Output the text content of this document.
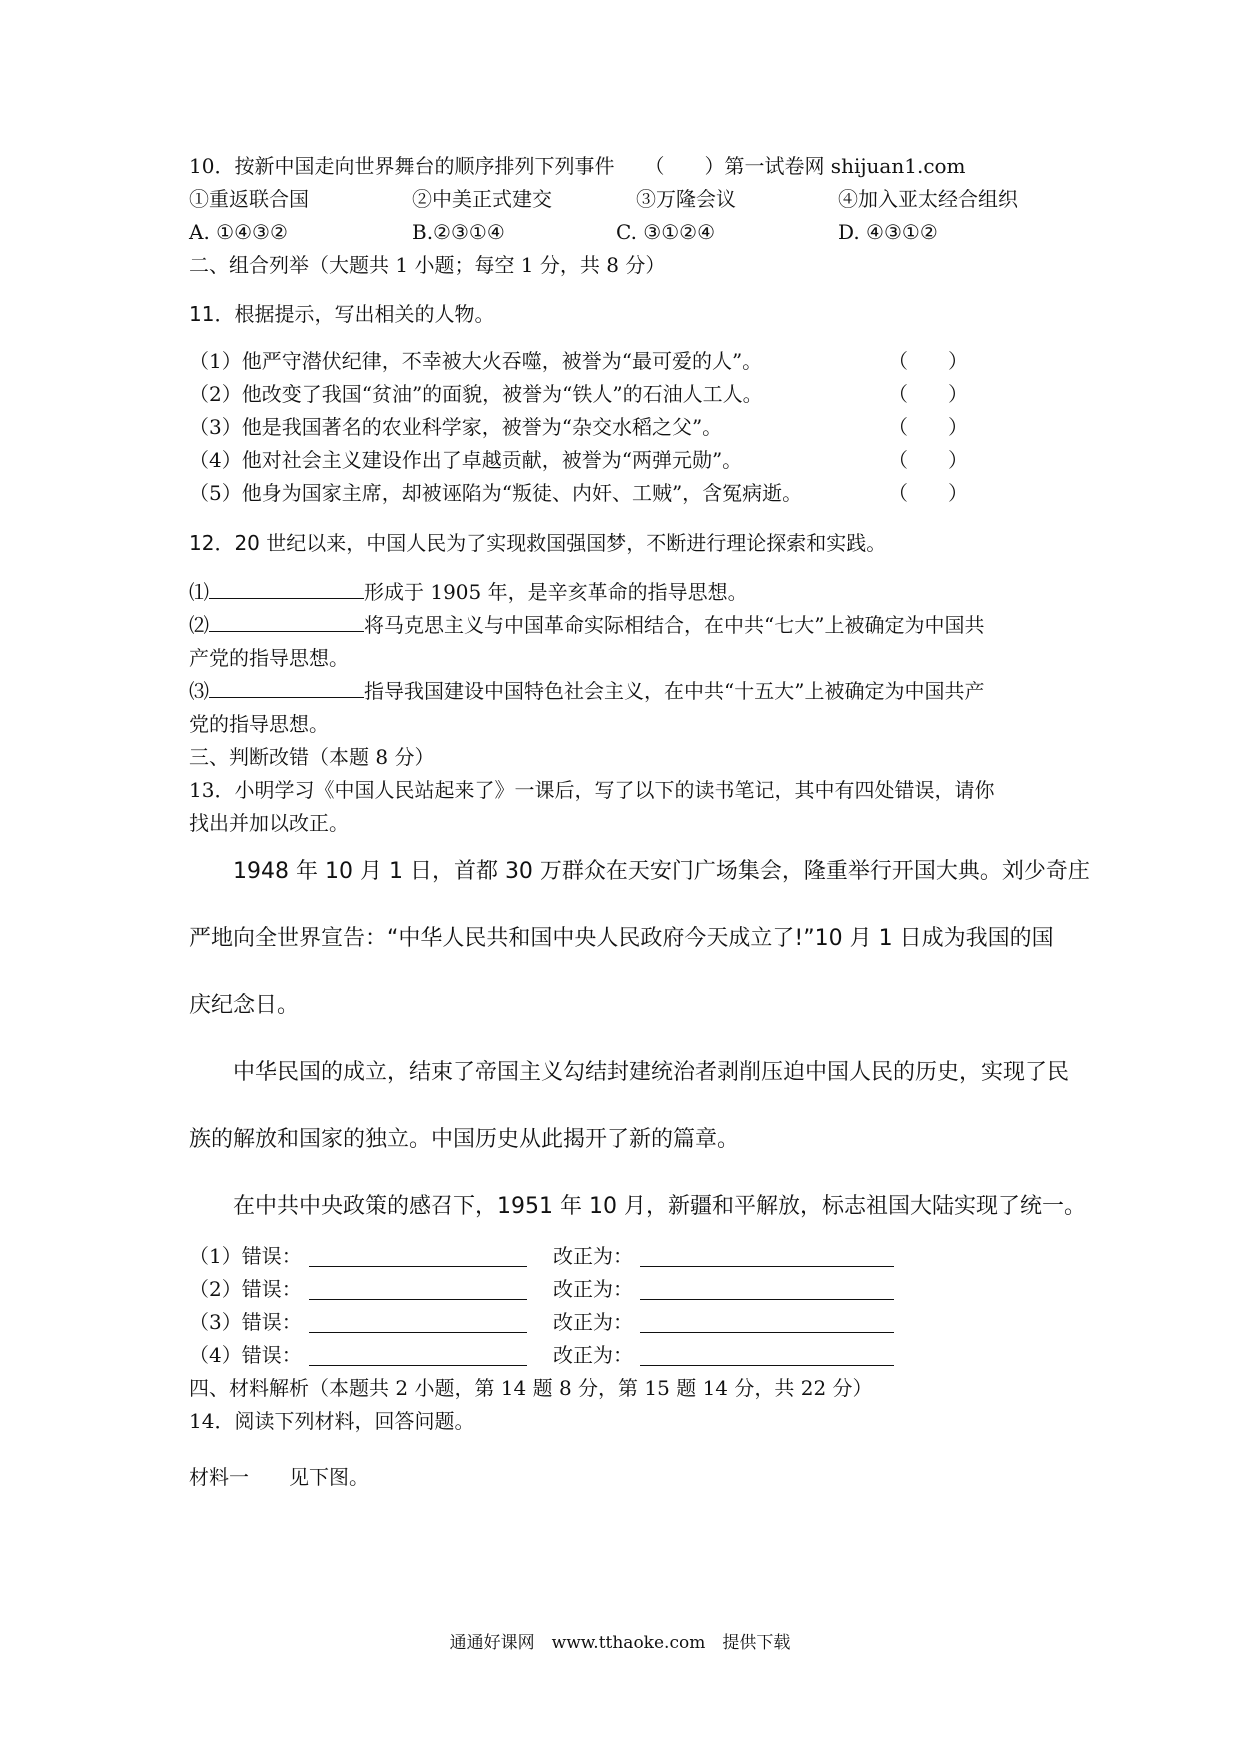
10．按新中国走向世界舞台的顺序排列下列事件　　（　　）第一试卷网 shijuan1.com
①重返联合国	②中美正式建交	③万隆会议	④加入亚太经合组织
A. ①④③②	B.②③①④	C. ③①②④	D. ④③①②
二、组合列举（大题共 1 小题；每空 1 分，共 8 分）
11．根据提示，写出相关的人物。
（1）他严守潜伏纪律，不幸被大火吞噬，被誉为“最可爱的人”。	（　　）
（2）他改变了我国“贫油”的面貌，被誉为“铁人”的石油人工人。	（　　）
（3）他是我国著名的农业科学家，被誉为“杂交水稻之父”。	（　　）
（4）他对社会主义建设作出了卓越贡献，被誉为“两弹元勋”。	（　　）
（5）他身为国家主席，却被诬陷为“叛徒、内奸、工贼”，含冤病逝。	（　　）
12．20 世纪以来，中国人民为了实现救国强国梦，不断进行理论探索和实践。
⑴	形成于 1905 年，是辛亥革命的指导思想。
⑵	将马克思主义与中国革命实际相结合，在中共“七大”上被确定为中国共
产党的指导思想。
⑶	指导我国建设中国特色社会主义，在中共“十五大”上被确定为中国共产
党的指导思想。
三、判断改错（本题 8 分）
13．小明学习《中国人民站起来了》一课后，写了以下的读书笔记，其中有四处错误，请你
找出并加以改正。
1948 年 10 月 1 日，首都 30 万群众在天安门广场集会，隆重举行开国大典。刘少奇庄
严地向全世界宣告：“中华人民共和国中央人民政府今天成立了!”10 月 1 日成为我国的国
庆纪念日。
中华民国的成立，结束了帝国主义勾结封建统治者剥削压迫中国人民的历史，实现了民
族的解放和国家的独立。中国历史从此揭开了新的篇章。
在中共中央政策的感召下，1951 年 10 月，新疆和平解放，标志祖国大陆实现了统一。
（1）错误：	改正为：
（2）错误：	改正为：
（3）错误：	改正为：
（4）错误：	改正为：
四、材料解析（本题共 2 小题，第 14 题 8 分，第 15 题 14 分，共 22 分）
14．阅读下列材料，回答问题。
材料一　　见下图。
通通好课网　www.tthaoke.com　提供下载
